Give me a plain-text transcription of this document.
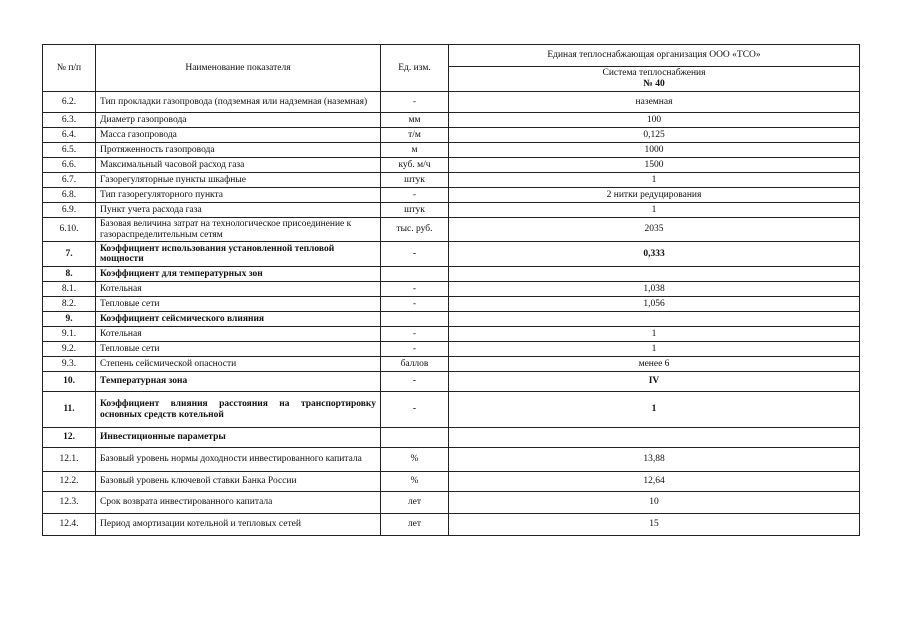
№ п/п	Наименование показателя	Ед. изм.	Единая теплоснабжающая организация ООО «ТСО»

			Система теплоснабжения
№ 40

6.2.	Тип прокладки газопровода (подземная или надземная (наземная)	-	наземная
6.3.	Диаметр газопровода	мм	100
6.4.	Масса газопровода	т/м	0,125
6.5.	Протяженность газопровода	м	1000
6.6.	Максимальный часовой расход газа	куб. м/ч	1500
6.7.	Газорегуляторные пункты шкафные	штук	1
6.8.	Тип газорегуляторного пункта	-	2 нитки редуцирования
6.9.	Пункт учета расхода газа	штук	1
6.10.	Базовая величина затрат на технологическое присоединение к газораспределительным сетям	тыс. руб.	2035
7.	Коэффициент использования установленной тепловой мощности	-	0,333
8.	Коэффициент для температурных зон		
8.1.	Котельная	-	1,038
8.2.	Тепловые сети	-	1,056
9.	Коэффициент сейсмического влияния		
9.1.	Котельная	-	1
9.2.	Тепловые сети	-	1
9.3.	Степень сейсмической опасности	баллов	менее 6
10.	Температурная зона	-	IV
11.	Коэффициент влияния расстояния на транспортировку основных средств котельной	-	1
12.	Инвестиционные параметры		
12.1.	Базовый уровень нормы доходности инвестированного капитала	%	13,88
12.2.	Базовый уровень ключевой ставки Банка России	%	12,64
12.3.	Срок возврата инвестированного капитала	лет	10
12.4.	Период амортизации котельной и тепловых сетей	лет	15
